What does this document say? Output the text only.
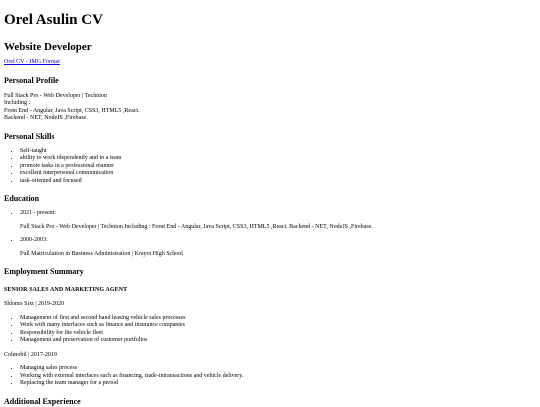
Orel Asulin CV
Website Developer

Orel CV - IMG Format

Personal Profile

Full Stack Pro - Web Developer | Technion
Including :
Front End - Angular, Java Script, CSS3, HTML5 ,React.
Backend - NET, NodeJS ,Firebase.

Personal Skills
• Self-taught
• ability to work idependently and in a team
• promote tasks in a professional manner
• excellent interpersonal communication
• task-oriented and focused
Education
• 2021 - present:

Full Stack Pro - Web Developer | Technion Including : Front End - Angular, Java Script, CSS3, HTML5 ,React. Backend - NET, NodeJS ,Firebase.

• 2000-2003:

Full Matriculation in Business Administration | Krayot High School

Employment Summary
SENIOR SALES AND MARKETING AGENT

Shlomo Sixt | 2019-2020

• Management of first and second hand leasing vehicle sales processes
• Work with many interfaces such as finance and insurance companies
• Responsibility for the vehicle fleet
• Management and preservation of customer portfolios

Colmobil | 2017-2019

• Managing sales process
• Working with external interfaces such as financing, trade-intransactions and vehicle delivery.
• Replacing the team manager for a period
Additional Experience
